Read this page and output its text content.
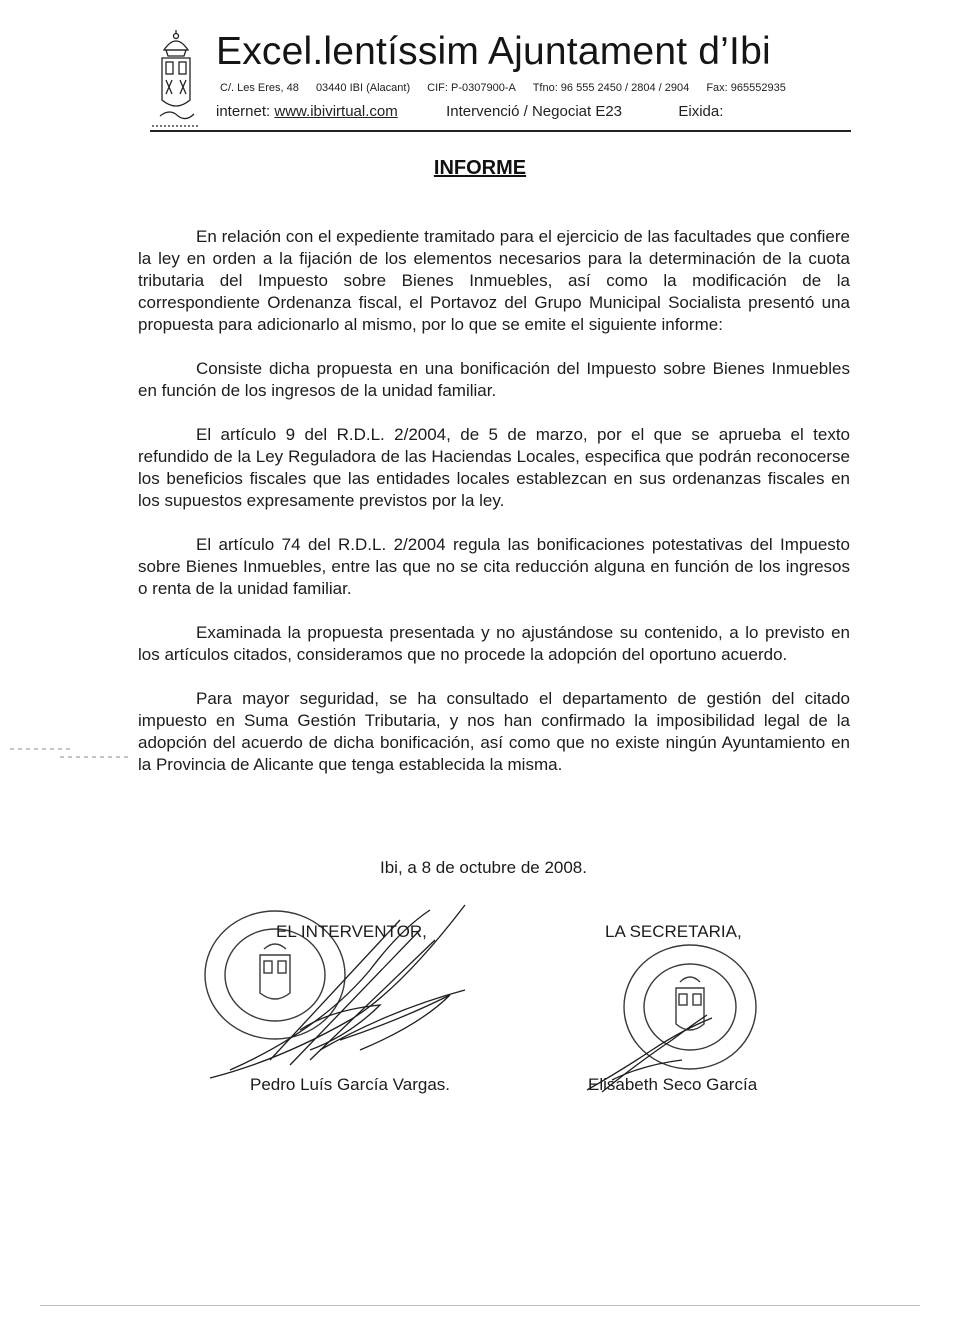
Excel.lentíssim Ajuntament d’Ibi
C/. Les Eres, 48 03440 IBI (Alacant) CIF: P-0307900-A Tfno: 96 555 2450 / 2804 / 2904 Fax: 965552935
internet: www.ibivirtual.com	Intervenció / Negociat E23	Eixida:
INFORME

En relación con el expediente tramitado para el ejercicio de las facultades que confiere la ley en orden a la fijación de los elementos necesarios para la determinación de la cuota tributaria del Impuesto sobre Bienes Inmuebles, así como la modificación de la correspondiente Ordenanza fiscal, el Portavoz del Grupo Municipal Socialista presentó una propuesta para adicionarlo al mismo, por lo que se emite el siguiente informe:

Consiste dicha propuesta en una bonificación del Impuesto sobre Bienes Inmuebles en función de los ingresos de la unidad familiar.

El artículo 9 del R.D.L. 2/2004, de 5 de marzo, por el que se aprueba el texto refundido de la Ley Reguladora de las Haciendas Locales, especifica que podrán reconocerse los beneficios fiscales que las entidades locales establezcan en sus ordenanzas fiscales en los supuestos expresamente previstos por la ley.

El artículo 74 del R.D.L. 2/2004 regula las bonificaciones potestativas del Impuesto sobre Bienes Inmuebles, entre las que no se cita reducción alguna en función de los ingresos o renta de la unidad familiar.

Examinada la propuesta presentada y no ajustándose su contenido, a lo previsto en los artículos citados, consideramos que no procede la adopción del oportuno acuerdo.

Para mayor seguridad, se ha consultado el departamento de gestión del citado impuesto en Suma Gestión Tributaria, y nos han confirmado la imposibilidad legal de la adopción del acuerdo de dicha bonificación, así como que no existe ningún Ayuntamiento en la Provincia de Alicante que tenga establecida la misma.

Ibi, a 8 de octubre de 2008.
EL INTERVENTOR,	LA SECRETARIA,
Pedro Luís García Vargas.	Elisabeth Seco García
